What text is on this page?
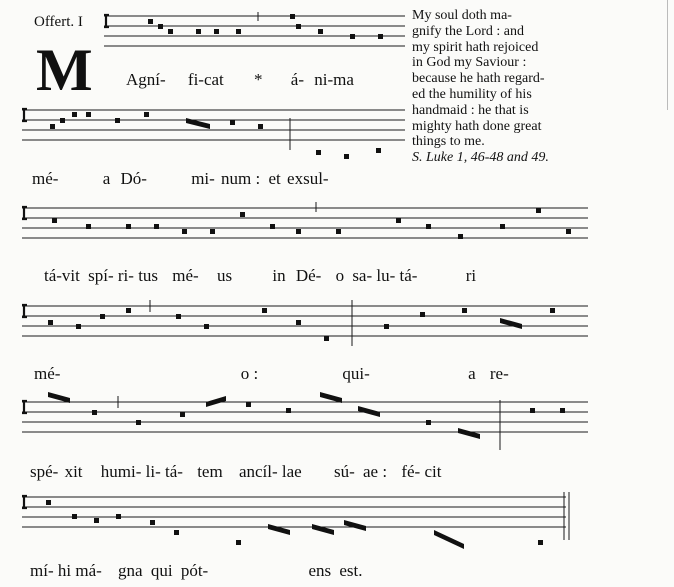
Offert. I
M
My soul doth ma-
gnify the Lord : and
my spirit hath rejoiced
in God my Saviour :
because he hath regard-
ed the humility of his
handmaid : he that is
mighty hath done great
things to me.
S. Luke 1, 46-48 and 49.
Agní- fi-cat * á- ni-ma
mé-	a Dó-	mi- num : et exsul-
tá-vit spí- ri- tus mé- us in Dé- o sa- lu- tá-	ri
mé-	o :	qui-	a re-
spé- xit humi- li- tá- tem ancíl- lae sú- ae : fé- cit
mí- hi má- gna qui pót-	ens est.
